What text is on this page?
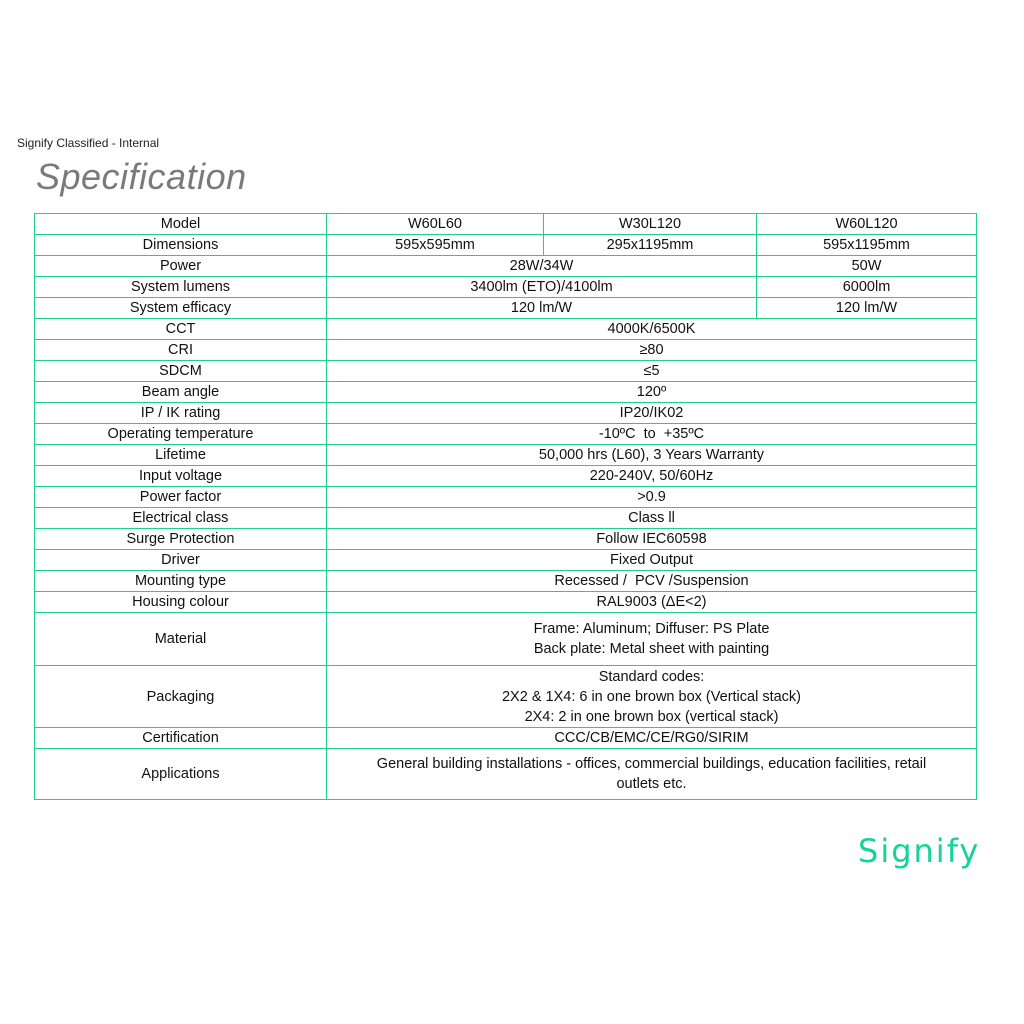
Signify Classified - Internal
Specification
Signify
Model	W60L60	W30L120	W60L120
Dimensions	595x595mm	295x1195mm	595x1195mm
Power	28W/34W		50W
System lumens	3400lm (ETO)/4100lm		6000lm
System efficacy	120 lm/W		120 lm/W
CCT	4000K/6500K		
CRI	≥80		
SDCM	≤5		
Beam angle	120º		
IP / IK rating	IP20/IK02		
Operating temperature	-10ºC  to  +35ºC		
Lifetime	50,000 hrs (L60), 3 Years Warranty		
Input voltage	220-240V, 50/60Hz		
Power factor	>0.9		
Electrical class	Class ll		
Surge Protection	Follow IEC60598		
Driver	Fixed Output		
Mounting type	Recessed /  PCV /Suspension		
Housing colour	RAL9003 (ΔE<2)		
Material	Frame: Aluminum; Diffuser: PS Plate
Back plate: Metal sheet with painting		

Packaging	Standard codes:
2X2 & 1X4: 6 in one brown box (Vertical stack)
2X4: 2 in one brown box (vertical stack)		

Certification	CCC/CB/EMC/CE/RG0/SIRIM		
Applications	General building installations - offices, commercial buildings, education facilities, retail
outlets etc.		
